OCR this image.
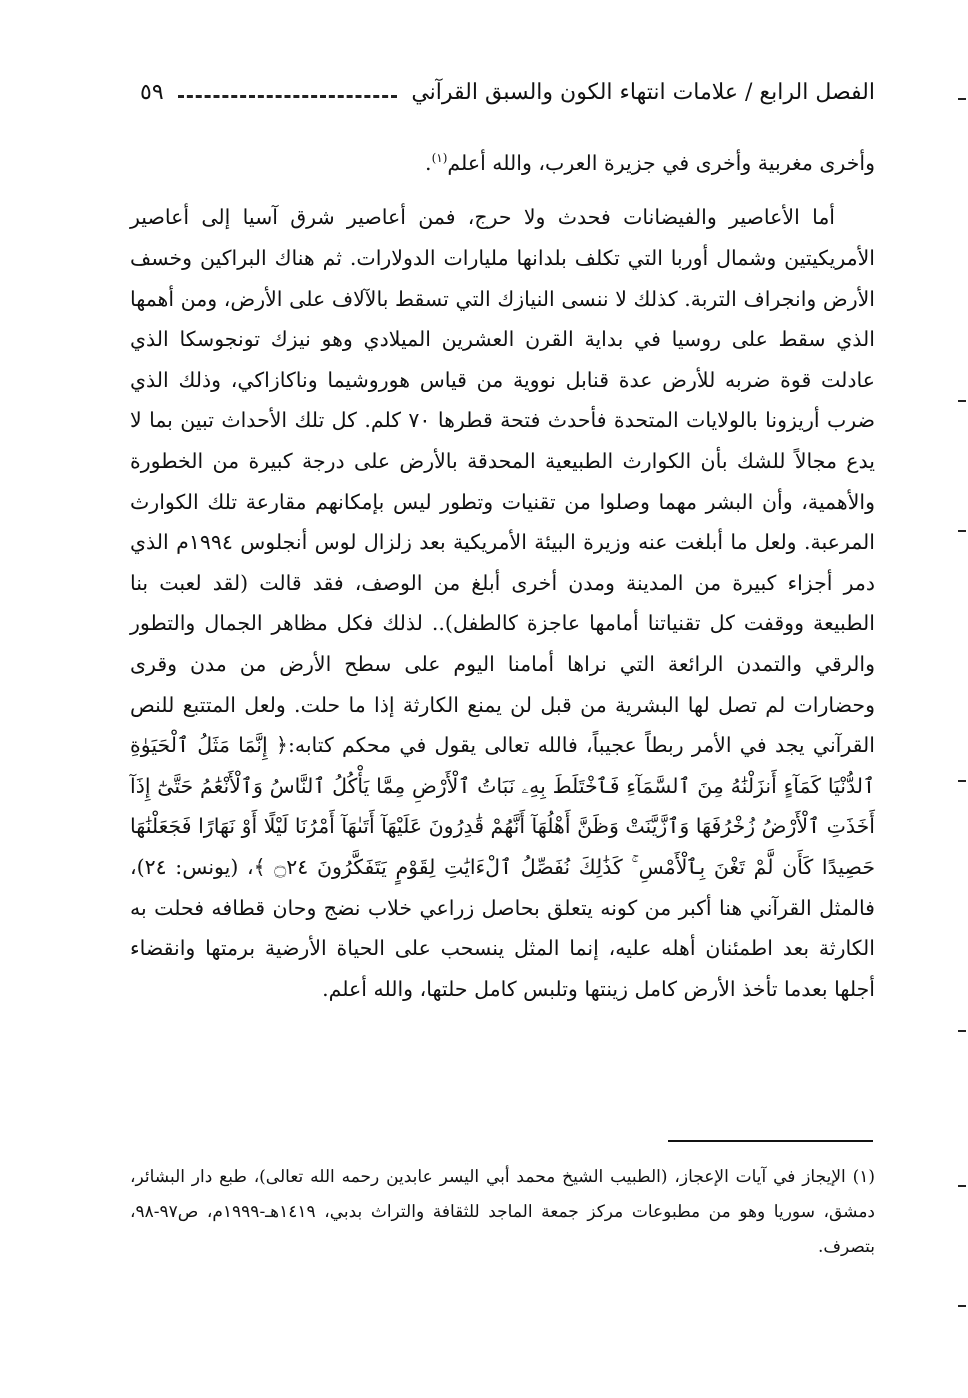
الفصل الرابع / علامات انتهاء الكون والسبق القرآني
٥٩

وأخرى مغربية وأخرى في جزيرة العرب، والله أعلم$^{(١)}$.

أما الأعاصير والفيضانات فحدث ولا حرج، فمن أعاصير شرق آسيا إلى أعاصير الأمريكيتين وشمال أوربا التي تكلف بلدانها مليارات الدولارات. ثم هناك البراكين وخسف الأرض وانجراف التربة. كذلك لا ننسى النيازك التي تسقط بالآلاف على الأرض، ومن أهمها الذي سقط على روسيا في بداية القرن العشرين الميلادي وهو نيزك تونجوسكا الذي عادلت قوة ضربه للأرض عدة قنابل نووية من قياس هوروشيما وناكازاكي، وذلك الذي ضرب أريزونا بالولايات المتحدة فأحدث فتحة قطرها ٧٠ كلم. كل تلك الأحداث تبين بما لا يدع مجالاً للشك بأن الكوارث الطبيعية المحدقة بالأرض على درجة كبيرة من الخطورة والأهمية، وأن البشر مهما وصلوا من تقنيات وتطور ليس بإمكانهم مقارعة تلك الكوارث المرعبة. ولعل ما أبلغت عنه وزيرة البيئة الأمريكية بعد زلزال لوس أنجلوس ١٩٩٤م الذي دمر أجزاء كبيرة من المدينة ومدن أخرى أبلغ من الوصف، فقد قالت (لقد لعبت بنا الطبيعة ووقفت كل تقنياتنا أمامها عاجزة كالطفل).. لذلك فكل مظاهر الجمال والتطور والرقي والتمدن الرائعة التي نراها أمامنا اليوم على سطح الأرض من مدن وقرى وحضارات لم تصل لها البشرية من قبل لن يمنع الكارثة إذا ما حلت. ولعل المتتبع للنص القرآني يجد في الأمر ربطاً عجيباً، فالله تعالى يقول في محكم كتابه:﴿ إِنَّمَا مَثَلُ ٱلْحَيَوٰةِ ٱلدُّنْيَا كَمَآءٍ أَنزَلْنَٰهُ مِنَ ٱلسَّمَآءِ فَٱخْتَلَطَ بِهِۦ نَبَاتُ ٱلْأَرْضِ مِمَّا يَأْكُلُ ٱلنَّاسُ وَٱلْأَنْعَٰمُ حَتَّىٰٓ إِذَآ أَخَذَتِ ٱلْأَرْضُ زُخْرُفَهَا وَٱزَّيَّنَتْ وَظَنَّ أَهْلُهَآ أَنَّهُمْ قَٰدِرُونَ عَلَيْهَآ أَتَىٰهَآ أَمْرُنَا لَيْلًا أَوْ نَهَارًا فَجَعَلْنَٰهَا حَصِيدًا كَأَن لَّمْ تَغْنَ بِٱلْأَمْسِ ۚ كَذَٰلِكَ نُفَصِّلُ ٱلْءَايَٰتِ لِقَوْمٍ يَتَفَكَّرُونَ ۝٢٤ ﴾، (يونس: ٢٤)، فالمثل القرآني هنا أكبر من كونه يتعلق بحاصل زراعي خلاب نضج وحان قطافه فحلت به الكارثة بعد اطمئنان أهله عليه، إنما المثل ينسحب على الحياة الأرضية برمتها وانقضاء أجلها بعدما تأخذ الأرض كامل زينتها وتلبس كامل حلتها، والله أعلم.

(١) الإيجاز في آيات الإعجاز، (الطبيب الشيخ محمد أبي اليسر عابدين رحمه الله تعالى)، طبع دار البشائر، دمشق، سوريا وهو من مطبوعات مركز جمعة الماجد للثقافة والتراث بدبي، ١٤١٩هـ-١٩٩٩م، ص٩٧-٩٨، بتصرف.
